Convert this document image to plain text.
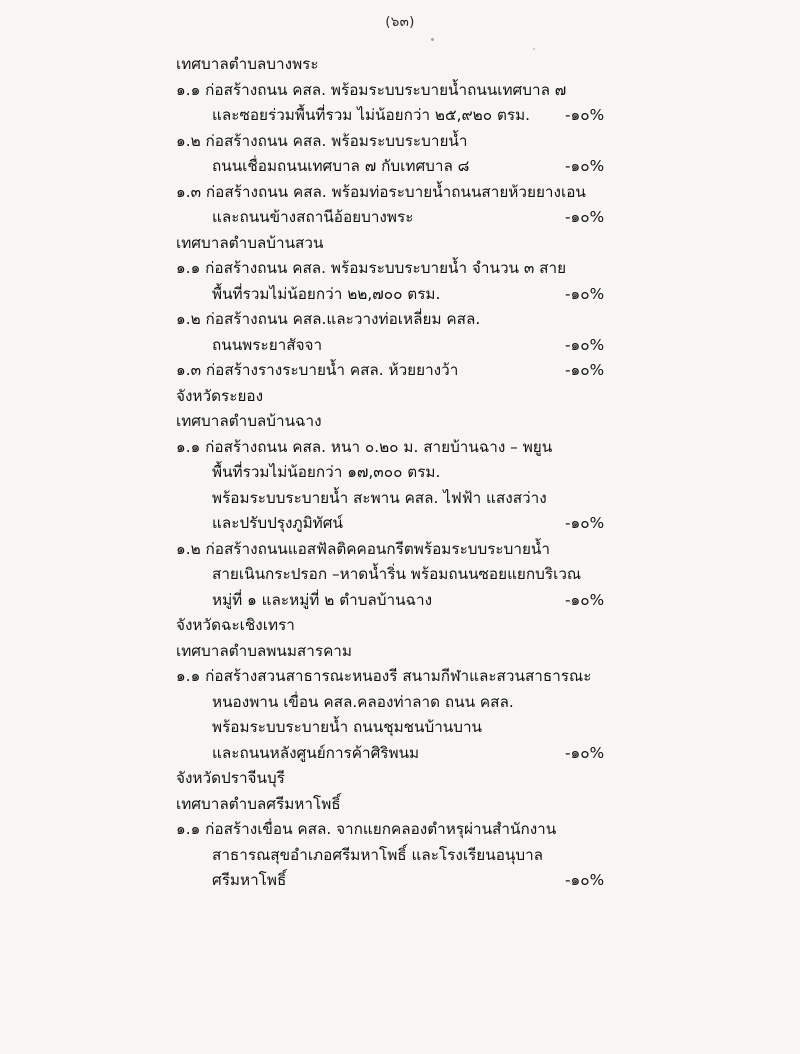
(๖๓)
เทศบาลตำบลบางพระ
๑.๑ ก่อสร้างถนน คสล. พร้อมระบบระบายน้ำถนนเทศบาล ๗
และซอยร่วมพื้นที่รวม ไม่น้อยกว่า ๒๕,๙๒๐ ตรม. -๑๐%
๑.๒ ก่อสร้างถนน คสล. พร้อมระบบระบายน้ำ
ถนนเชื่อมถนนเทศบาล ๗ กับเทศบาล ๘	-๑๐%
๑.๓ ก่อสร้างถนน คสล. พร้อมท่อระบายน้ำถนนสายห้วยยางเอน
และถนนข้างสถานีอ้อยบางพระ	-๑๐%
เทศบาลตำบลบ้านสวน
๑.๑ ก่อสร้างถนน คสล. พร้อมระบบระบายน้ำ จำนวน ๓ สาย
พื้นที่รวมไม่น้อยกว่า ๒๒,๗๐๐ ตรม.	-๑๐%
๑.๒ ก่อสร้างถนน คสล.และวางท่อเหลี่ยม คสล.
ถนนพระยาสัจจา	-๑๐%
๑.๓ ก่อสร้างรางระบายน้ำ คสล. ห้วยยางว้า	-๑๐%
จังหวัดระยอง
เทศบาลตำบลบ้านฉาง
๑.๑ ก่อสร้างถนน คสล. หนา ๐.๒๐ ม. สายบ้านฉาง – พยูน
พื้นที่รวมไม่น้อยกว่า ๑๗,๓๐๐ ตรม.
พร้อมระบบระบายน้ำ สะพาน คสล. ไฟฟ้า แสงสว่าง
และปรับปรุงภูมิทัศน์	-๑๐%
๑.๒ ก่อสร้างถนนแอสฟัลติคคอนกรีตพร้อมระบบระบายน้ำ
สายเนินกระปรอก –หาดน้ำริ่น พร้อมถนนซอยแยกบริเวณ
หมู่ที่ ๑ และหมู่ที่ ๒ ตำบลบ้านฉาง	-๑๐%
จังหวัดฉะเชิงเทรา
เทศบาลตำบลพนมสารคาม
๑.๑ ก่อสร้างสวนสาธารณะหนองรี สนามกีฬาและสวนสาธารณะ
หนองพาน เขื่อน คสล.คลองท่าลาด ถนน คสล.
พร้อมระบบระบายน้ำ ถนนชุมชนบ้านบาน
และถนนหลังศูนย์การค้าศิริพนม	-๑๐%
จังหวัดปราจีนบุรี
เทศบาลตำบลศรีมหาโพธิ์
๑.๑ ก่อสร้างเขื่อน คสล. จากแยกคลองตำหรุผ่านสำนักงาน
สาธารณสุขอำเภอศรีมหาโพธิ์ และโรงเรียนอนุบาล
ศรีมหาโพธิ์	-๑๐%
